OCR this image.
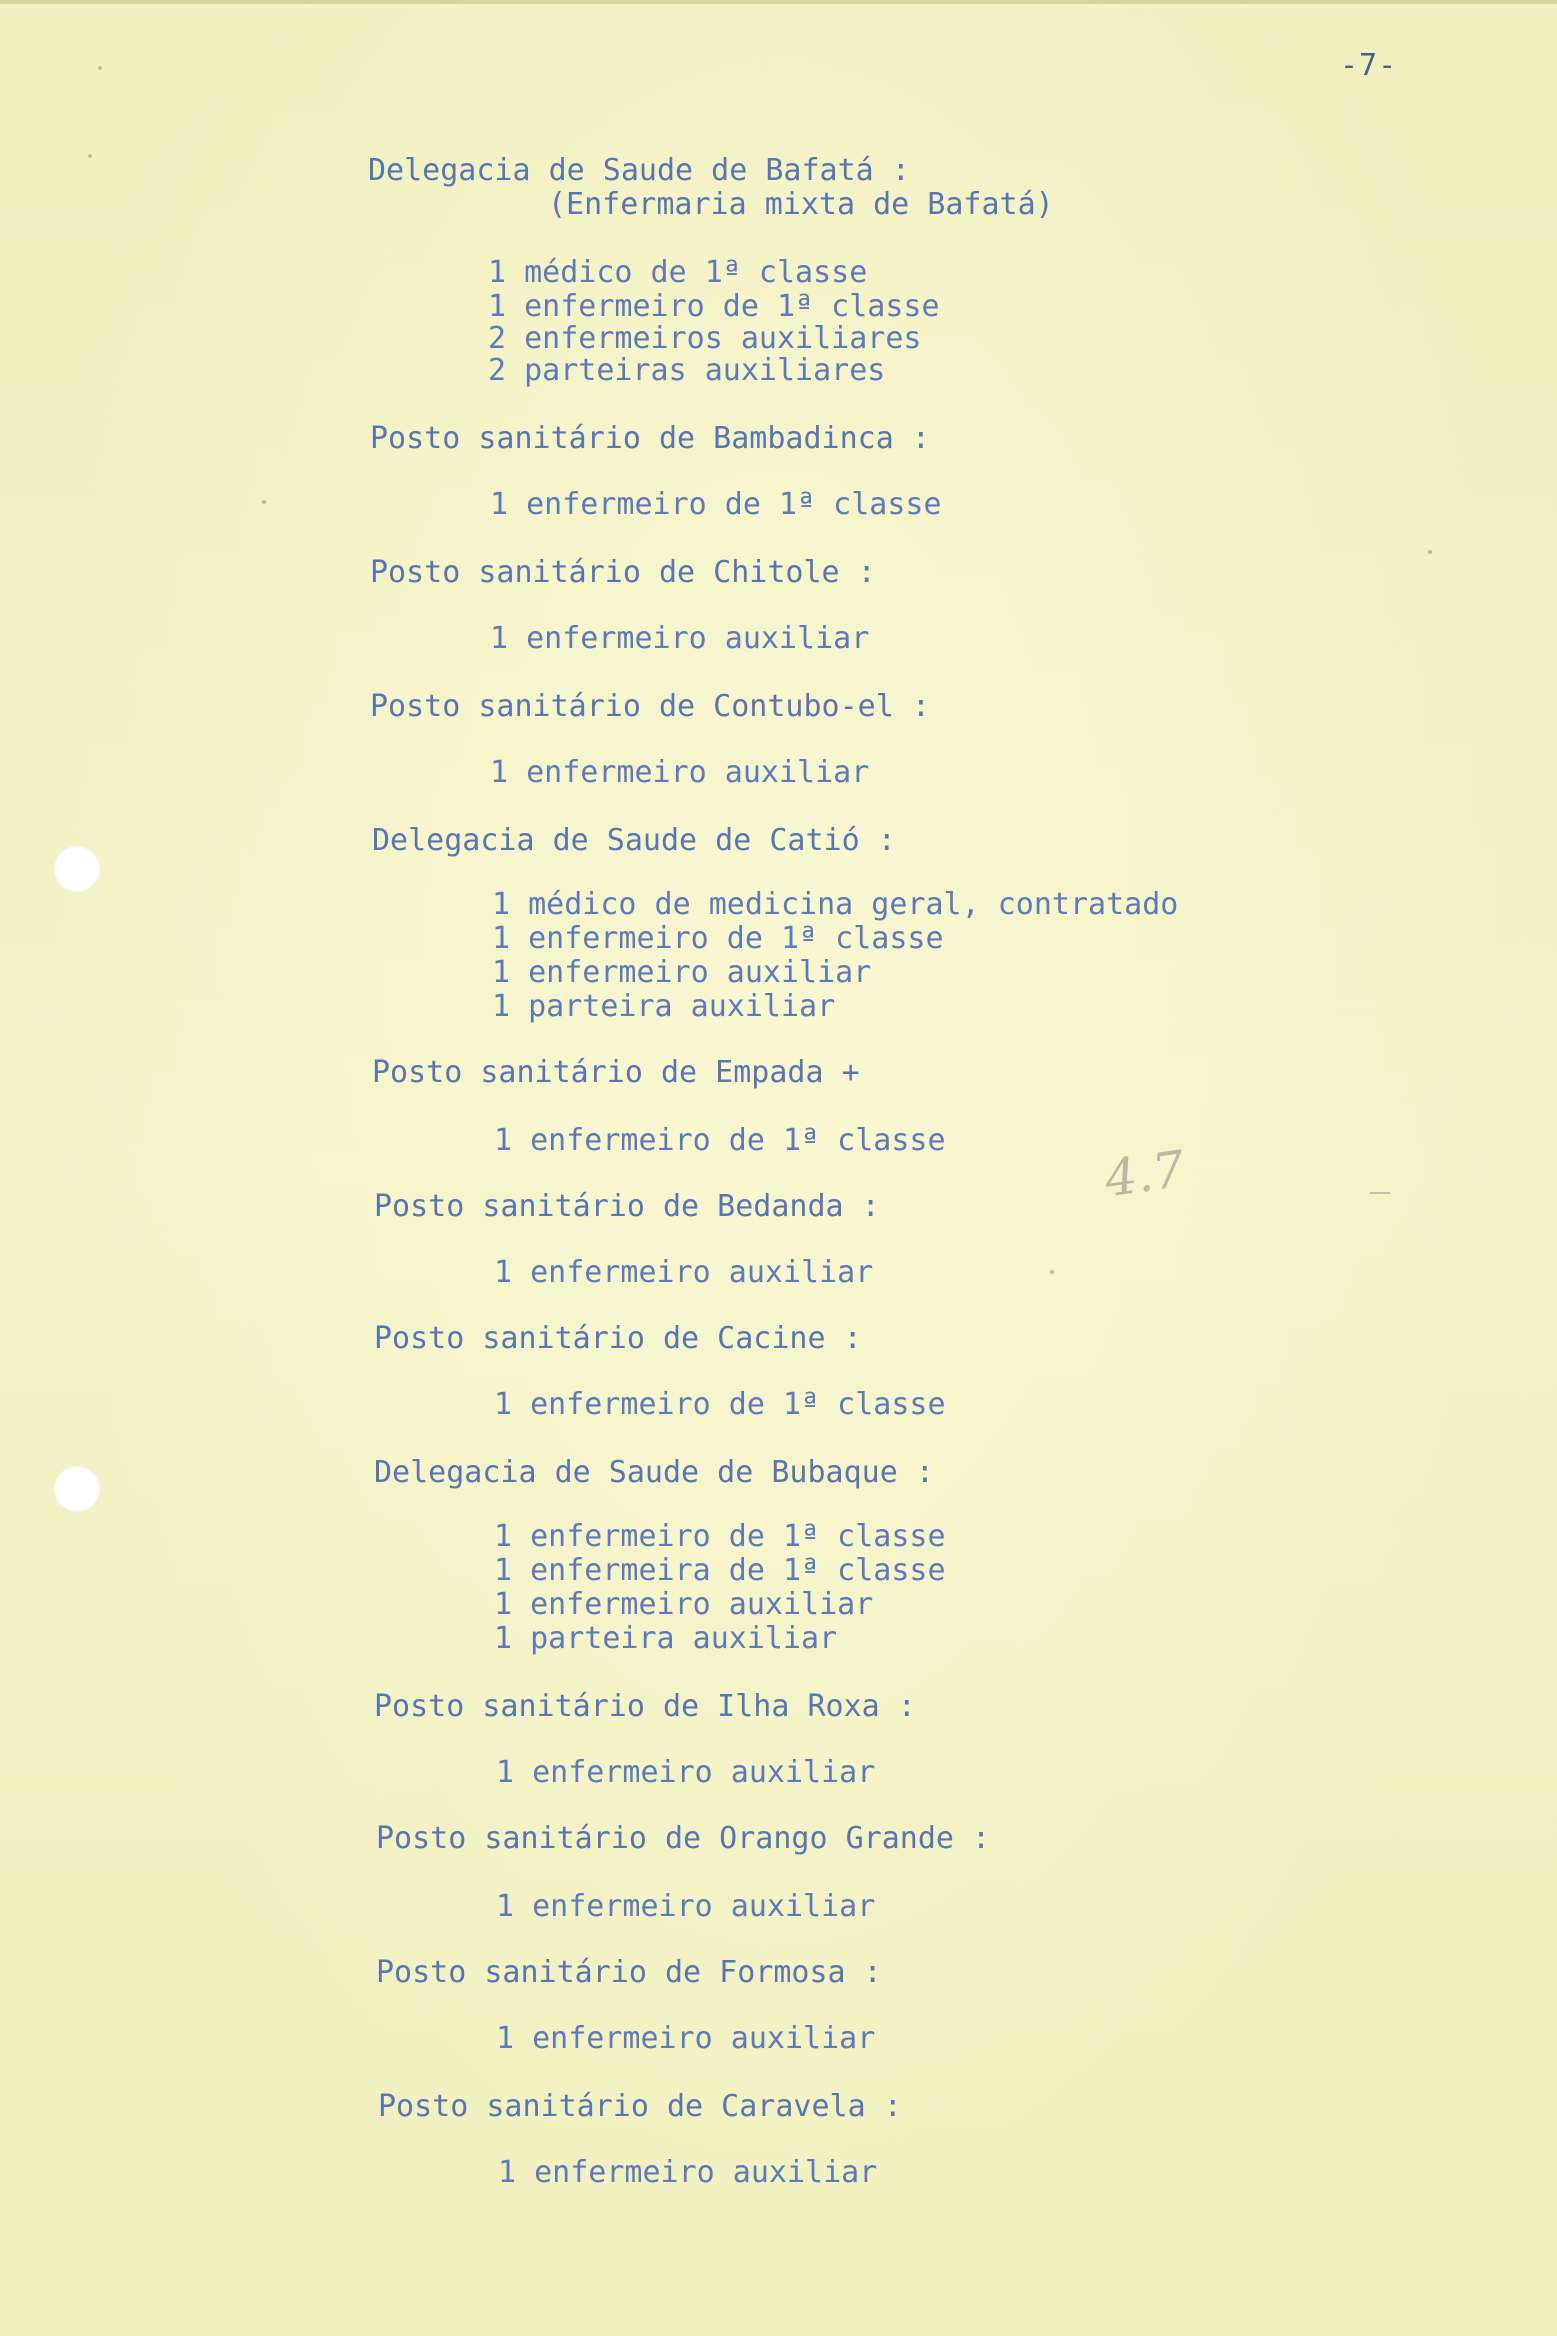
-7-
4.7
Delegacia de Saude de Bafatá :
(Enfermaria mixta de Bafatá)
1 médico de 1ª classe
1 enfermeiro de 1ª classe
2 enfermeiros auxiliares
2 parteiras auxiliares
Posto sanitário de Bambadinca :
1 enfermeiro de 1ª classe
Posto sanitário de Chitole :
1 enfermeiro auxiliar
Posto sanitário de Contubo-el :
1 enfermeiro auxiliar
Delegacia de Saude de Catió :
1 médico de medicina geral, contratado
1 enfermeiro de 1ª classe
1 enfermeiro auxiliar
1 parteira auxiliar
Posto sanitário de Empada +
1 enfermeiro de 1ª classe
Posto sanitário de Bedanda :
1 enfermeiro auxiliar
Posto sanitário de Cacine :
1 enfermeiro de 1ª classe
Delegacia de Saude de Bubaque :
1 enfermeiro de 1ª classe
1 enfermeira de 1ª classe
1 enfermeiro auxiliar
1 parteira auxiliar
Posto sanitário de Ilha Roxa :
1 enfermeiro auxiliar
Posto sanitário de Orango Grande :
1 enfermeiro auxiliar
Posto sanitário de Formosa :
1 enfermeiro auxiliar
Posto sanitário de Caravela :
1 enfermeiro auxiliar
